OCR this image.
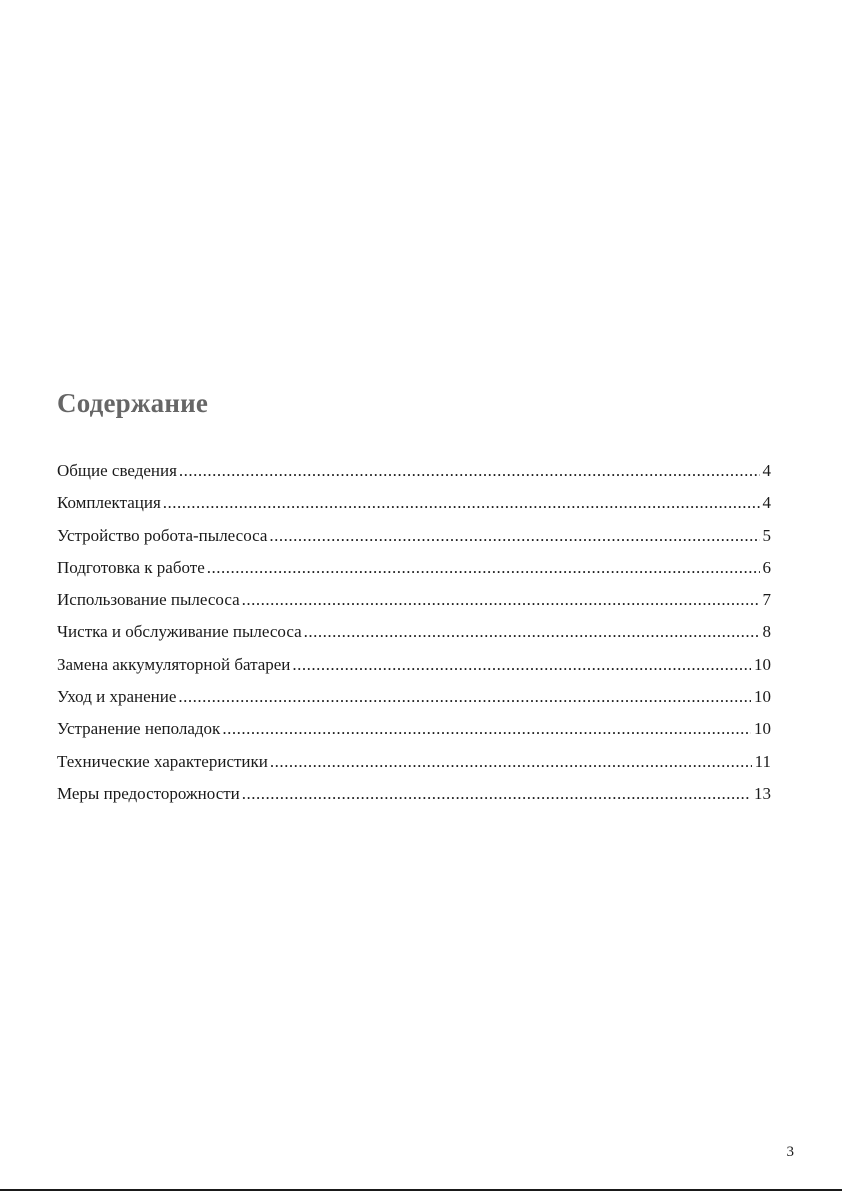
Содержание
Общие сведения .....	4
Комплектация .....	4
Устройство робота-пылесоса .....	5
Подготовка к работе .....	6
Использование пылесоса .....	7
Чистка и обслуживание пылесоса .....	8
Замена аккумуляторной батареи .....	10
Уход и хранение .....	10
Устранение неполадок .....	10
Технические характеристики .....	11
Меры предосторожности .....	13
3
